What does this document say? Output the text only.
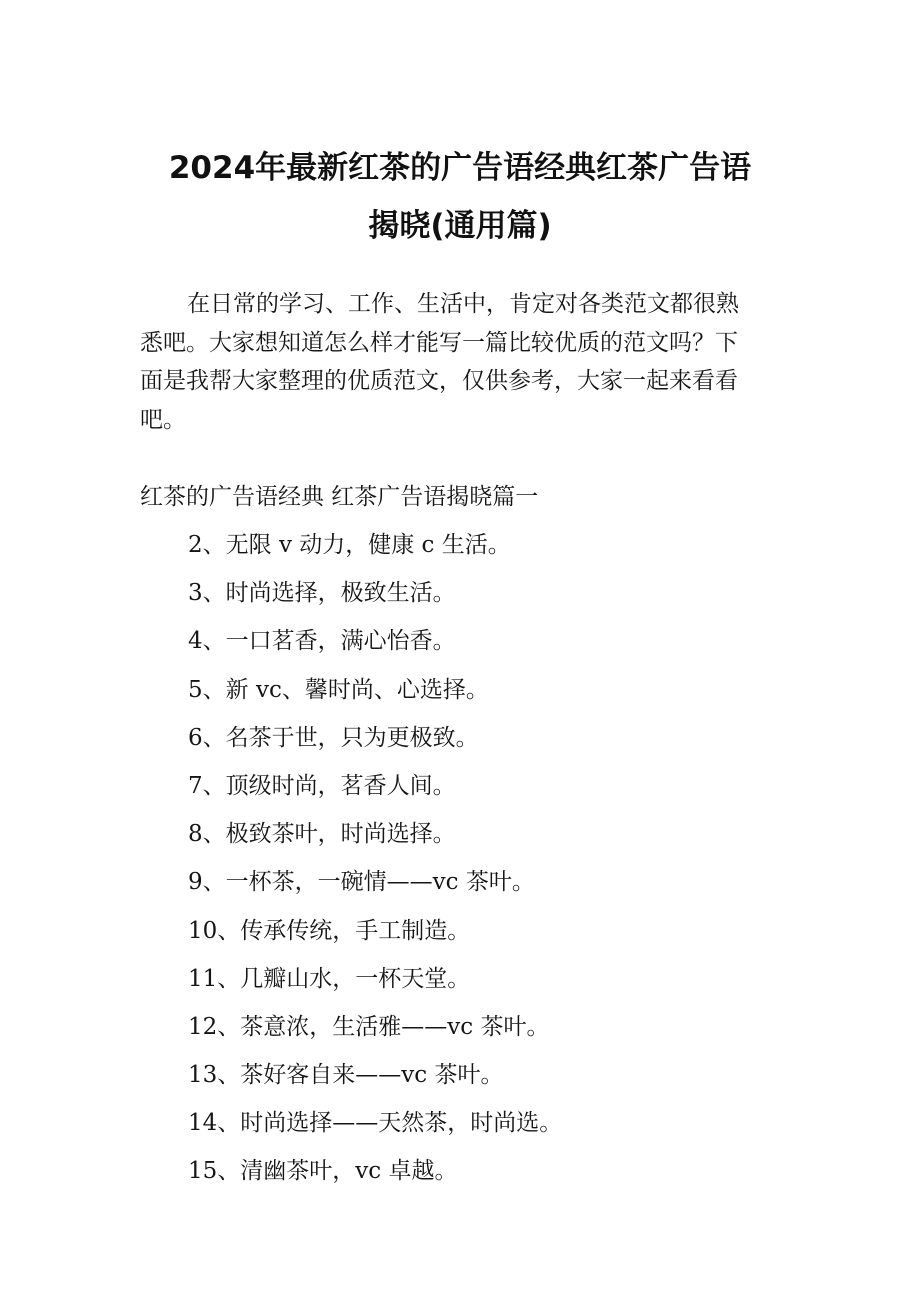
2024年最新红茶的广告语经典红茶广告语
揭晓(通用篇)
在日常的学习、工作、生活中，肯定对各类范文都很熟
悉吧。大家想知道怎么样才能写一篇比较优质的范文吗？下
面是我帮大家整理的优质范文，仅供参考，大家一起来看看
吧。
红茶的广告语经典 红茶广告语揭晓篇一
2、无限 v 动力，健康 c 生活。
3、时尚选择，极致生活。
4、一口茗香，满心怡香。
5、新 vc、馨时尚、心选择。
6、名茶于世，只为更极致。
7、顶级时尚，茗香人间。
8、极致茶叶，时尚选择。
9、一杯茶，一碗情——vc 茶叶。
10、传承传统，手工制造。
11、几瓣山水，一杯天堂。
12、茶意浓，生活雅——vc 茶叶。
13、茶好客自来——vc 茶叶。
14、时尚选择——天然茶，时尚选。
15、清幽茶叶，vc 卓越。
